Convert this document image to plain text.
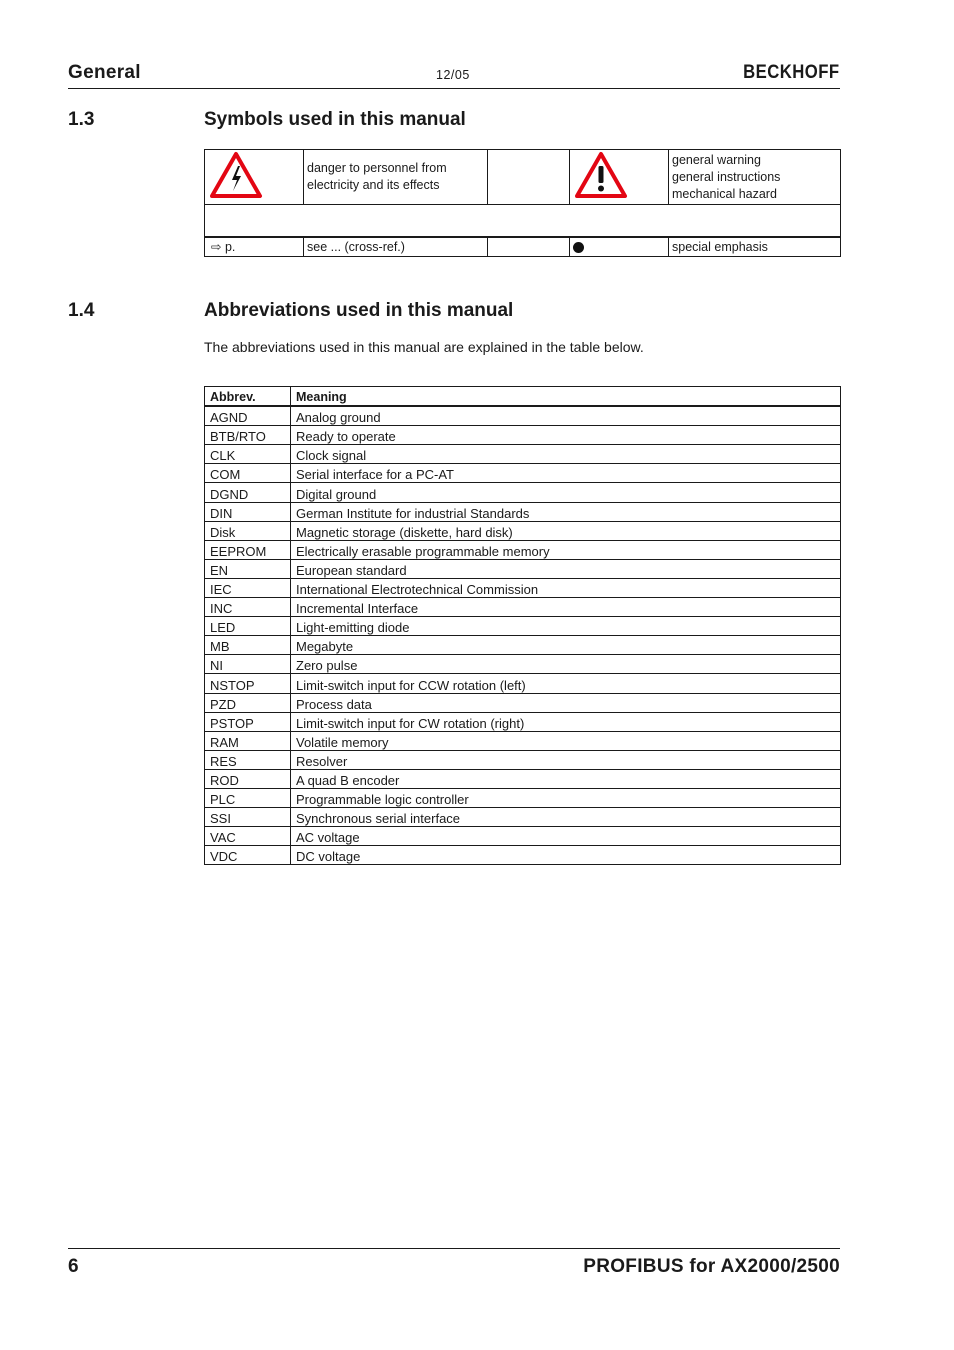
General	12/05	BECKHOFF
1.3	Symbols used in this manual
	danger to personnel from electricity and its effects			general warning
general instructions
mechanical hazard

⇨ p.	see ... (cross-ref.)			special emphasis
1.4	Abbreviations used in this manual
The abbreviations used in this manual are explained in the table below.
Abbrev.	Meaning
AGND	Analog ground
BTB/RTO	Ready to operate
CLK	Clock signal
COM	Serial interface for a PC-AT
DGND	Digital ground
DIN	German Institute for industrial Standards
Disk	Magnetic storage (diskette, hard disk)
EEPROM	Electrically erasable programmable memory
EN	European standard
IEC	International Electrotechnical Commission
INC	Incremental Interface
LED	Light-emitting diode
MB	Megabyte
NI	Zero pulse
NSTOP	Limit-switch input for CCW rotation (left)
PZD	Process data
PSTOP	Limit-switch input for CW rotation (right)
RAM	Volatile memory
RES	Resolver
ROD	A quad B encoder
PLC	Programmable logic controller
SSI	Synchronous serial interface
VAC	AC voltage
VDC	DC voltage
6	PROFIBUS for AX2000/2500
